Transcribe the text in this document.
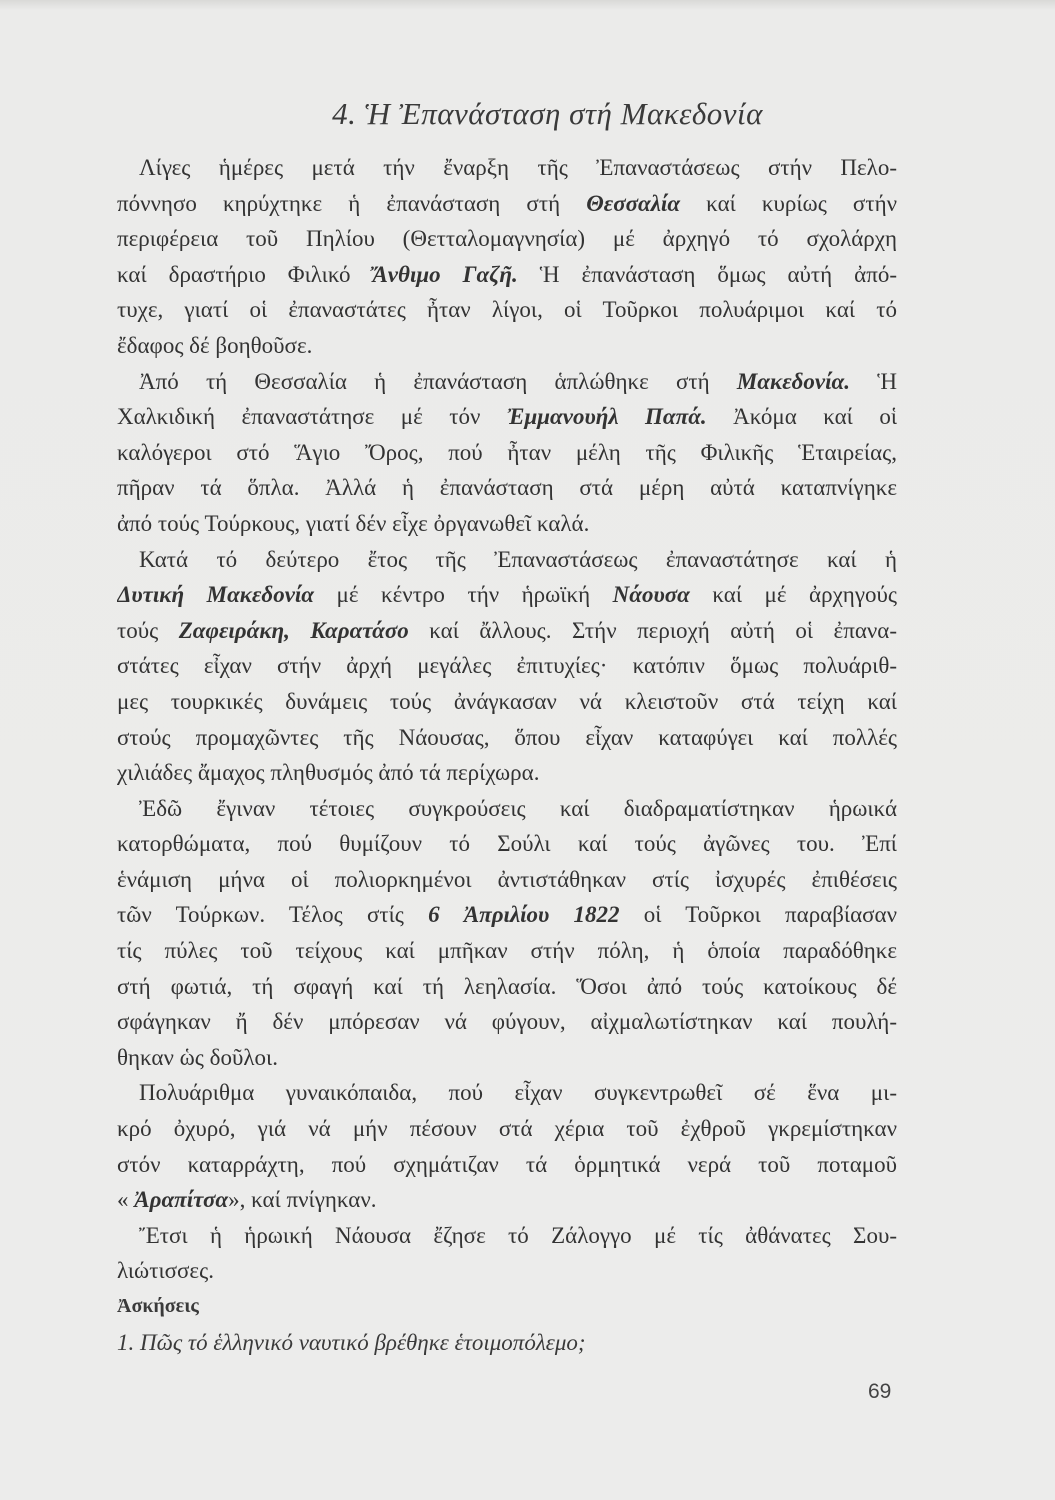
4. Ἡ Ἐπανάσταση στή Μακεδονία
Λίγες ἡμέρες μετά τήν ἔναρξη τῆς Ἐπαναστάσεως στήν Πελο-
πόννησο κηρύχτηκε ἡ ἐπανάσταση στή Θεσσαλία καί κυρίως στήν
περιφέρεια τοῦ Πηλίου (Θετταλομαγνησία) μέ ἀρχηγό τό σχολάρχη
καί δραστήριο Φιλικό Ἄνθιμο Γαζῆ. Ἡ ἐπανάσταση ὅμως αὐτή ἀπό-
τυχε, γιατί οἱ ἐπαναστάτες ἦταν λίγοι, οἱ Τοῦρκοι πολυάριμοι καί τό
ἔδαφος δέ βοηθοῦσε.
Ἀπό τή Θεσσαλία ἡ ἐπανάσταση ἁπλώθηκε στή Μακεδονία. Ἡ
Χαλκιδική ἐπαναστάτησε μέ τόν Ἐμμανουήλ Παπά. Ἀκόμα καί οἱ
καλόγεροι στό Ἅγιο Ὄρος, πού ἦταν μέλη τῆς Φιλικῆς Ἑταιρείας,
πῆραν τά ὅπλα. Ἀλλά ἡ ἐπανάσταση στά μέρη αὐτά καταπνίγηκε
ἀπό τούς Τούρκους, γιατί δέν εἶχε ὀργανωθεῖ καλά.
Κατά τό δεύτερο ἔτος τῆς Ἐπαναστάσεως ἐπαναστάτησε καί ἡ
Δυτική Μακεδονία μέ κέντρο τήν ἡρωϊκή Νάουσα καί μέ ἀρχηγούς
τούς Ζαφειράκη, Καρατάσο καί ἄλλους. Στήν περιοχή αὐτή οἱ ἐπανα-
στάτες εἶχαν στήν ἀρχή μεγάλες ἐπιτυχίες· κατόπιν ὅμως πολυάριθ-
μες τουρκικές δυνάμεις τούς ἀνάγκασαν νά κλειστοῦν στά τείχη καί
στούς προμαχῶντες τῆς Νάουσας, ὅπου εἶχαν καταφύγει καί πολλές
χιλιάδες ἄμαχος πληθυσμός ἀπό τά περίχωρα.
Ἐδῶ ἔγιναν τέτοιες συγκρούσεις καί διαδραματίστηκαν ἡρωικά
κατορθώματα, πού θυμίζουν τό Σούλι καί τούς ἀγῶνες του. Ἐπί
ἑνάμιση μήνα οἱ πολιορκημένοι ἀντιστάθηκαν στίς ἰσχυρές ἐπιθέσεις
τῶν Τούρκων. Τέλος στίς 6 Ἀπριλίου 1822 οἱ Τοῦρκοι παραβίασαν
τίς πύλες τοῦ τείχους καί μπῆκαν στήν πόλη, ἡ ὁποία παραδόθηκε
στή φωτιά, τή σφαγή καί τή λεηλασία. Ὅσοι ἀπό τούς κατοίκους δέ
σφάγηκαν ἤ δέν μπόρεσαν νά φύγουν, αἰχμαλωτίστηκαν καί πουλή-
θηκαν ὡς δοῦλοι.
Πολυάριθμα γυναικόπαιδα, πού εἶχαν συγκεντρωθεῖ σέ ἕνα μι-
κρό ὀχυρό, γιά νά μήν πέσουν στά χέρια τοῦ ἐχθροῦ γκρεμίστηκαν
στόν καταρράχτη, πού σχημάτιζαν τά ὁρμητικά νερά τοῦ ποταμοῦ
« Ἀραπίτσα», καί πνίγηκαν.
Ἔτσι ἡ ἡρωική Νάουσα ἔζησε τό Ζάλογγο μέ τίς ἀθάνατες Σου-
λιώτισσες.
Ἀσκήσεις
1. Πῶς τό ἑλληνικό ναυτικό βρέθηκε ἑτοιμοπόλεμο;
69
